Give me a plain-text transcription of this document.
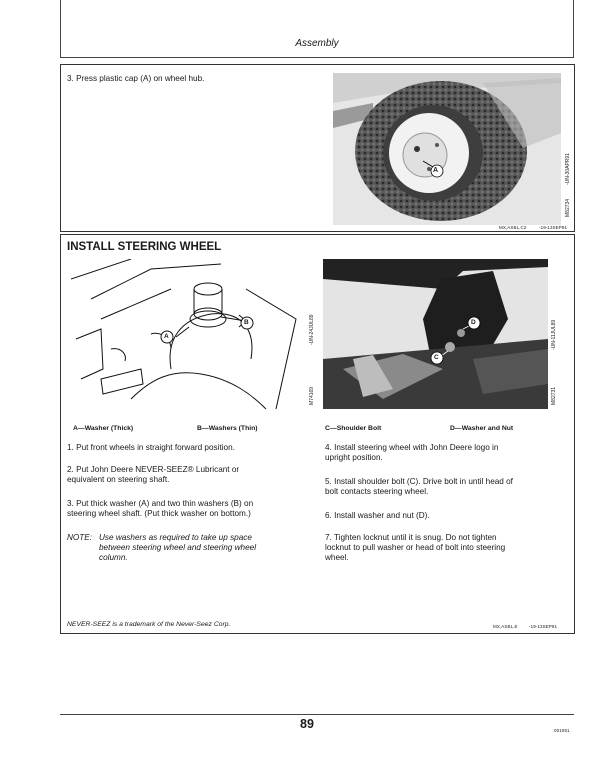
Assembly
3. Press plastic cap (A) on wheel hub.
A	-UN-30APR91
M82734
MX,ASBL,C2	-19-13SEP91
INSTALL STEERING WHEEL
B
A	-UN-24JUL89
M74169
D
C
-UN-11JUL89
M82731
A—Washer (Thick)	B—Washers (Thin)	C—Shoulder Bolt	D—Washer and Nut
1. Put front wheels in straight forward position.
2. Put John Deere NEVER-SEEZ® Lubricant or
equivalent on steering shaft.
3. Put thick washer (A) and two thin washers (B) on
steering wheel shaft. (Put thick washer on bottom.)
NOTE: Use washers as required to take up space
between steering wheel and steering wheel
column.
4. Install steering wheel with John Deere logo in
upright position.
5. Install shoulder bolt (C). Drive bolt in until head of
bolt contacts steering wheel.
6. Install washer and nut (D).
7. Tighten locknut until it is snug. Do not tighten
locknut to pull washer or head of bolt into steering
wheel.
NEVER-SEEZ is a trademark of the Never-Seez Corp.	MX,ASBL,E	-19-13SEP91
89	001091
